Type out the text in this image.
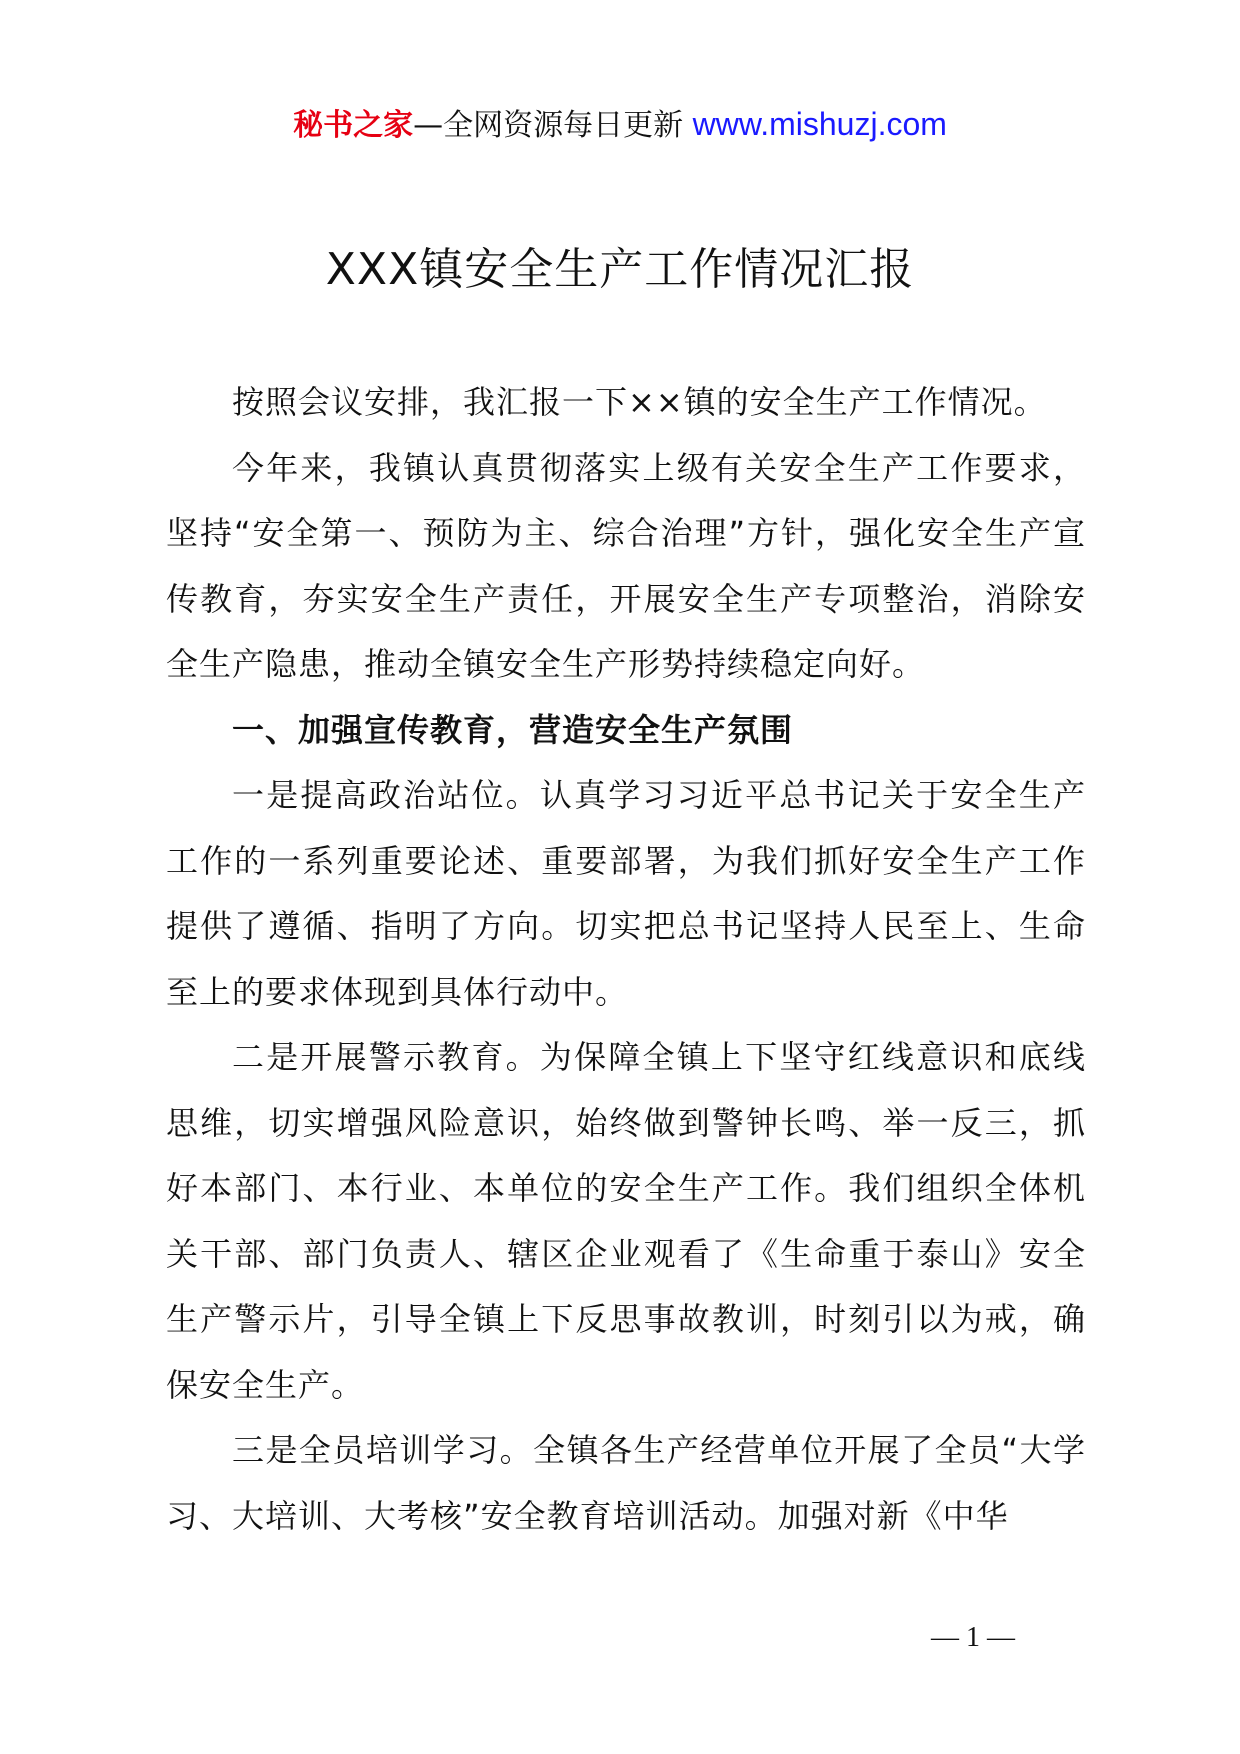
秘书之家—全网资源每日更新 www.mishuzj.com
XXX镇安全生产工作情况汇报

按照会议安排，我汇报一下××镇的安全生产工作情况。

今年来，我镇认真贯彻落实上级有关安全生产工作要求，坚持“安全第一、预防为主、综合治理”方针，强化安全生产宣传教育，夯实安全生产责任，开展安全生产专项整治，消除安全生产隐患，推动全镇安全生产形势持续稳定向好。

一、加强宣传教育，营造安全生产氛围

一是提高政治站位。认真学习习近平总书记关于安全生产工作的一系列重要论述、重要部署，为我们抓好安全生产工作提供了遵循、指明了方向。切实把总书记坚持人民至上、生命至上的要求体现到具体行动中。

二是开展警示教育。为保障全镇上下坚守红线意识和底线思维，切实增强风险意识，始终做到警钟长鸣、举一反三，抓好本部门、本行业、本单位的安全生产工作。我们组织全体机关干部、部门负责人、辖区企业观看了《生命重于泰山》安全生产警示片，引导全镇上下反思事故教训，时刻引以为戒，确保安全生产。

三是全员培训学习。全镇各生产经营单位开展了全员“大学习、大培训、大考核”安全教育培训活动。加强对新《中华

— 1 —
